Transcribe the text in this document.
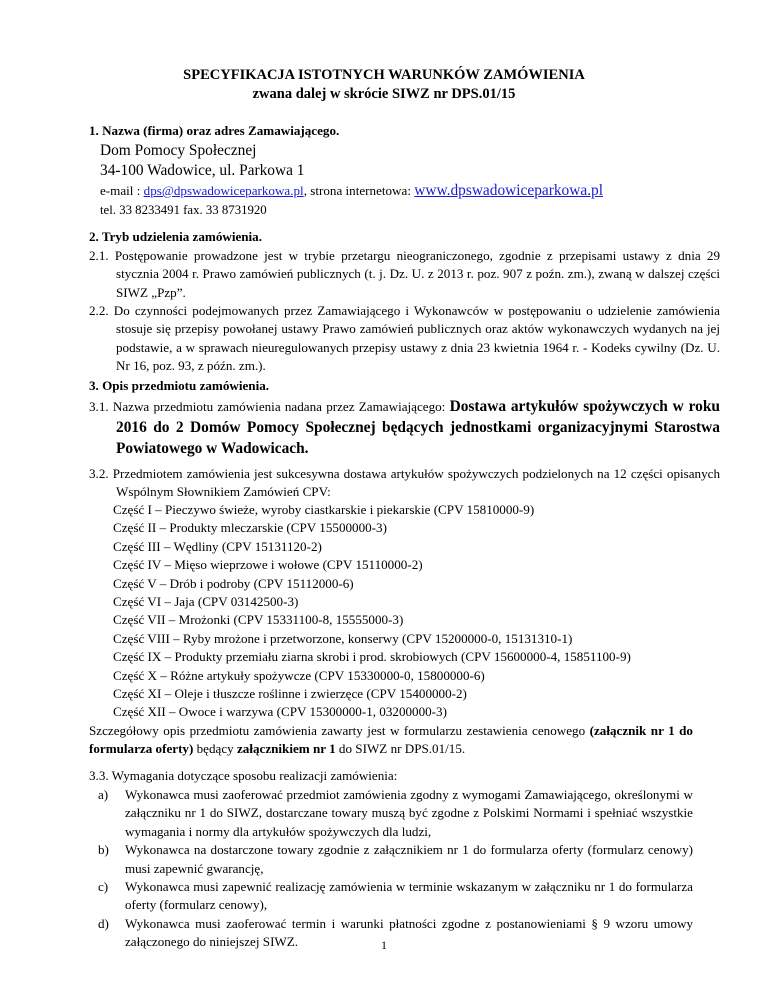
SPECYFIKACJA ISTOTNYCH WARUNKÓW ZAMÓWIENIA
zwana dalej w skrócie SIWZ nr DPS.01/15
1. Nazwa (firma) oraz adres Zamawiającego.
Dom Pomocy Społecznej
34-100 Wadowice, ul. Parkowa 1
e-mail : dps@dpswadowiceparkowa.pl, strona internetowa: www.dpswadowiceparkowa.pl
tel. 33 8233491 fax. 33 8731920
2. Tryb udzielenia zamówienia.
2.1. Postępowanie prowadzone jest w trybie przetargu nieograniczonego, zgodnie z przepisami ustawy z dnia 29 stycznia 2004 r. Prawo zamówień publicznych (t. j. Dz. U. z 2013 r. poz. 907 z poźn. zm.), zwaną w dalszej części SIWZ „Pzp”.
2.2. Do czynności podejmowanych przez Zamawiającego i Wykonawców w postępowaniu o udzielenie zamówienia stosuje się przepisy powołanej ustawy Prawo zamówień publicznych oraz aktów wykonawczych wydanych na jej podstawie, a w sprawach nieuregulowanych przepisy ustawy z dnia 23 kwietnia 1964 r. - Kodeks cywilny (Dz. U. Nr 16, poz. 93, z późn. zm.).
3. Opis przedmiotu zamówienia.
3.1. Nazwa przedmiotu zamówienia nadana przez Zamawiającego: Dostawa artykułów spożywczych w roku 2016 do 2 Domów Pomocy Społecznej będących jednostkami organizacyjnymi Starostwa Powiatowego w Wadowicach.
3.2. Przedmiotem zamówienia jest sukcesywna dostawa artykułów spożywczych podzielonych na 12 części opisanych Wspólnym Słownikiem Zamówień CPV:
Część I – Pieczywo świeże, wyroby ciastkarskie i piekarskie (CPV 15810000-9)
Część II – Produkty mleczarskie (CPV 15500000-3)
Część III – Wędliny (CPV 15131120-2)
Część IV – Mięso wieprzowe i wołowe (CPV 15110000-2)
Część V – Drób i podroby (CPV 15112000-6)
Część VI – Jaja (CPV 03142500-3)
Część VII – Mrożonki (CPV 15331100-8, 15555000-3)
Część VIII – Ryby mrożone i przetworzone, konserwy (CPV 15200000-0, 15131310-1)
Część IX – Produkty przemiału ziarna skrobi i prod. skrobiowych (CPV 15600000-4, 15851100-9)
Część X – Różne artykuły spożywcze (CPV 15330000-0, 15800000-6)
Część XI – Oleje i tłuszcze roślinne i zwierzęce (CPV 15400000-2)
Część XII – Owoce i warzywa (CPV 15300000-1, 03200000-3)
Szczegółowy opis przedmiotu zamówienia zawarty jest w formularzu zestawienia cenowego (załącznik nr 1 do formularza oferty) będący załącznikiem nr 1 do SIWZ nr DPS.01/15.
3.3. Wymagania dotyczące sposobu realizacji zamówienia:
a) Wykonawca musi zaoferować przedmiot zamówienia zgodny z wymogami Zamawiającego, określonymi w załączniku nr 1 do SIWZ, dostarczane towary muszą być zgodne z Polskimi Normami i spełniać wszystkie wymagania i normy dla artykułów spożywczych dla ludzi,
b) Wykonawca na dostarczone towary zgodnie z załącznikiem nr 1 do formularza oferty (formularz cenowy) musi zapewnić gwarancję,
c) Wykonawca musi zapewnić realizację zamówienia w terminie wskazanym w załączniku nr 1 do formularza oferty (formularz cenowy),
d) Wykonawca musi zaoferować termin i warunki płatności zgodne z postanowieniami § 9 wzoru umowy załączonego do niniejszej SIWZ.	1
